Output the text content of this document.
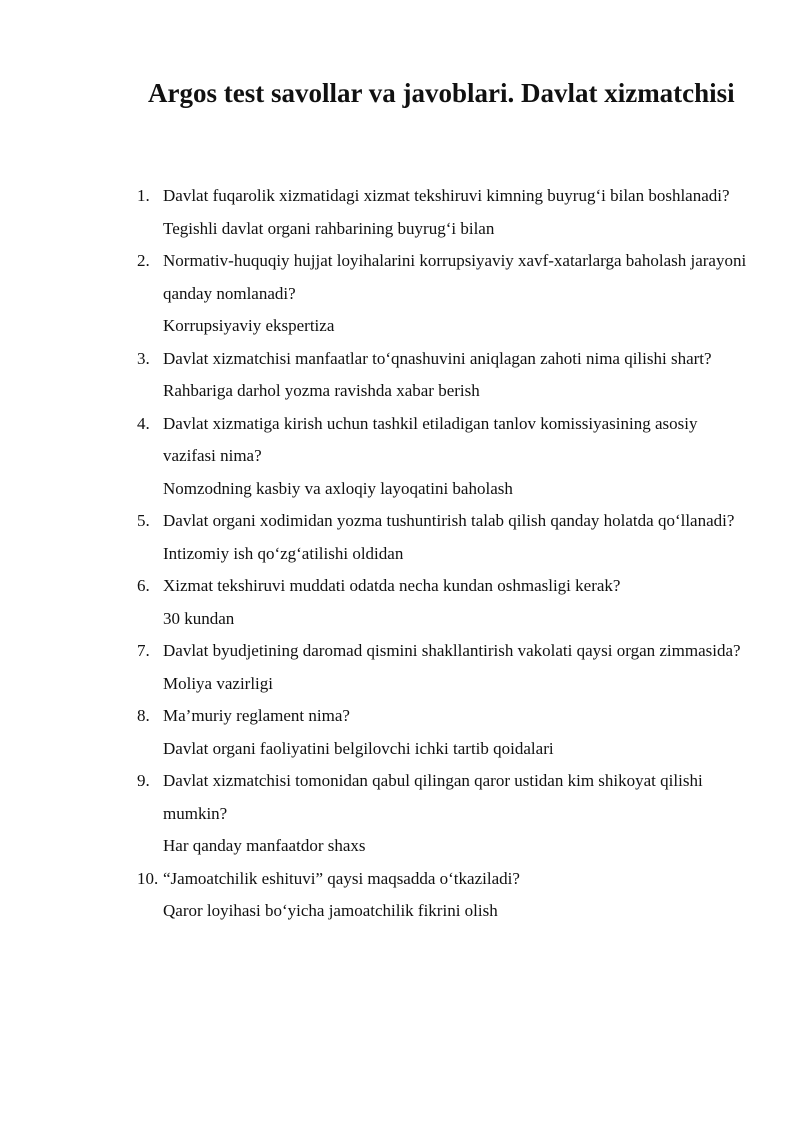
Argos test savollar va javoblari. Davlat xizmatchisi
1. Davlat fuqarolik xizmatidagi xizmat tekshiruvi kimning buyrug‘i bilan boshlanadi?
Tegishli davlat organi rahbarining buyrug‘i bilan
2. Normativ-huquqiy hujjat loyihalarini korrupsiyaviy xavf-xatarlarga baholash jarayoni qanday nomlanadi?
Korrupsiyaviy ekspertiza
3. Davlat xizmatchisi manfaatlar to‘qnashuvini aniqlagan zahoti nima qilishi shart?
Rahbariga darhol yozma ravishda xabar berish
4. Davlat xizmatiga kirish uchun tashkil etiladigan tanlov komissiyasining asosiy vazifasi nima?
Nomzodning kasbiy va axloqiy layoqatini baholash
5. Davlat organi xodimidan yozma tushuntirish talab qilish qanday holatda qo‘llanadi?
Intizomiy ish qo‘zg‘atilishi oldidan
6. Xizmat tekshiruvi muddati odatda necha kundan oshmasligi kerak?
30 kundan
7. Davlat byudjetining daromad qismini shakllantirish vakolati qaysi organ zimmasida?
Moliya vazirligi
8. Ma’muriy reglament nima?
Davlat organi faoliyatini belgilovchi ichki tartib qoidalari
9. Davlat xizmatchisi tomonidan qabul qilingan qaror ustidan kim shikoyat qilishi mumkin?
Har qanday manfaatdor shaxs
10. “Jamoatchilik eshituvi” qaysi maqsadda o‘tkaziladi?
Qaror loyihasi bo‘yicha jamoatchilik fikrini olish
